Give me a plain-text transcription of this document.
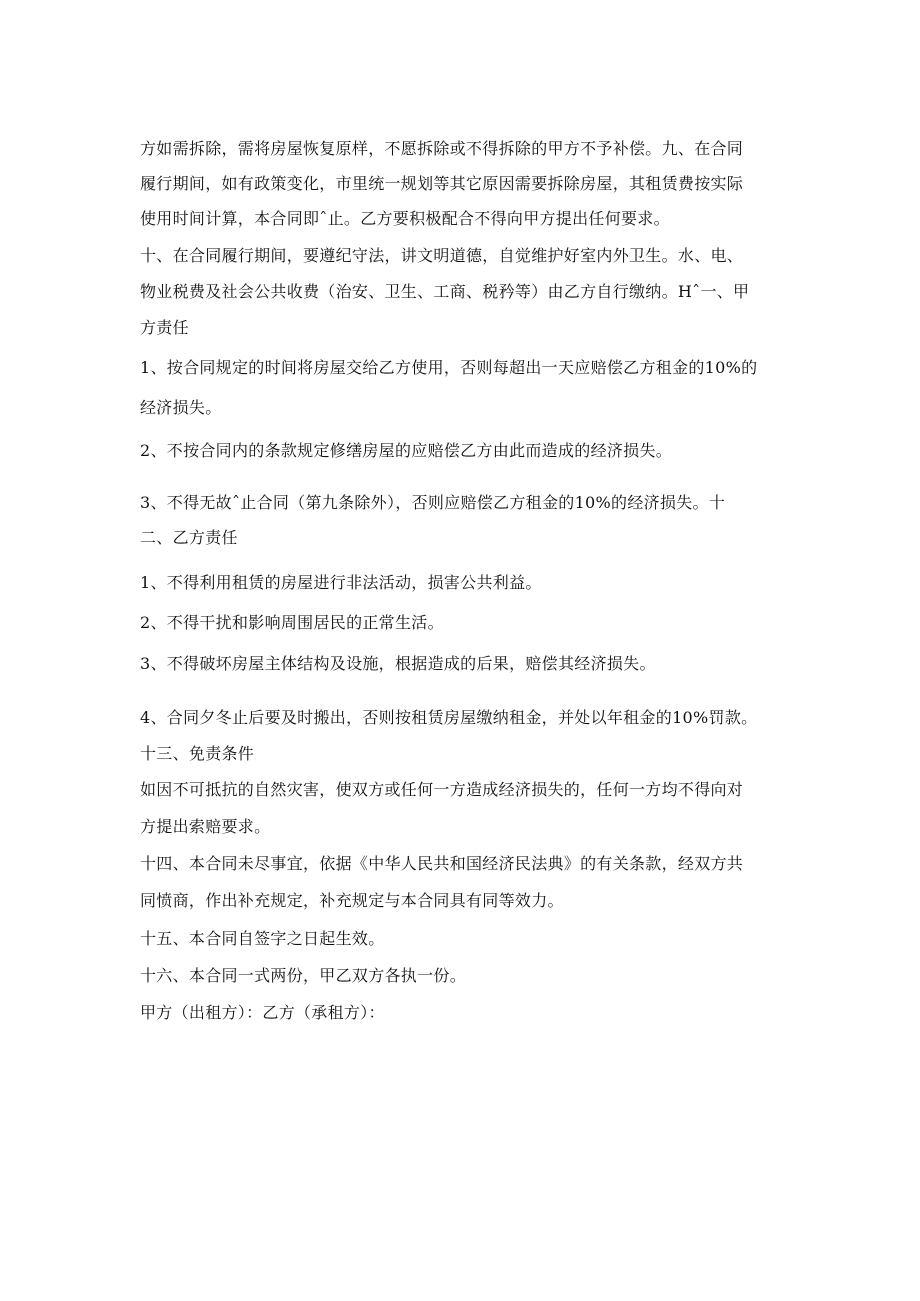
方如需拆除，需将房屋恢复原样，不愿拆除或不得拆除的甲方不予补偿。九、在合同
履行期间，如有政策变化，市里统一规划等其它原因需要拆除房屋，其租赁费按实际
使用时间计算，本合同即ˆ止。乙方要积极配合不得向甲方提出任何要求。
十、在合同履行期间，要遵纪守法，讲文明道德，自觉维护好室内外卫生。水、电、
物业税费及社会公共收费（治安、卫生、工商、税矜等）由乙方自行缴纳。Hˆ一、甲
方责任
1、按合同规定的时间将房屋交给乙方使用，否则每超出一天应赔偿乙方租金的10%的
经济损失。
2、不按合同内的条款规定修缮房屋的应赔偿乙方由此而造成的经济损失。
3、不得无故ˆ止合同（第九条除外），否则应赔偿乙方租金的10%的经济损失。十
二、乙方责任
1、不得利用租赁的房屋进行非法活动，损害公共利益。
2、不得干扰和影响周围居民的正常生活。
3、不得破坏房屋主体结构及设施，根据造成的后果，赔偿其经济损失。
4、合同夕冬止后要及时搬出，否则按租赁房屋缴纳租金，并处以年租金的10%罚款。
十三、免责条件
如因不可抵抗的自然灾害，使双方或任何一方造成经济损失的，任何一方均不得向对
方提出索赔要求。
十四、本合同未尽事宜，依据《中华人民共和国经济民法典》的有关条款，经双方共
同愤商，作出补充规定，补充规定与本合同具有同等效力。
十五、本合同自签字之日起生效。
十六、本合同一式两份，甲乙双方各执一份。
甲方（出租方）：乙方（承租方）：
